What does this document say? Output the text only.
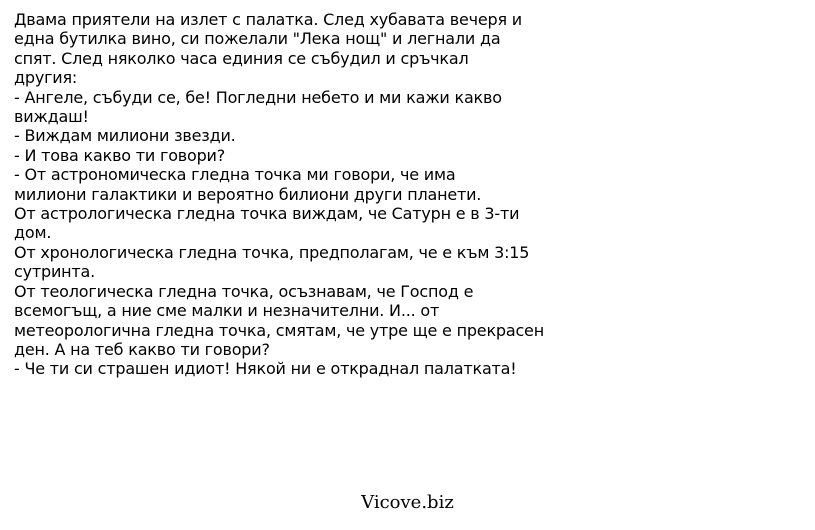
Двама приятели на излет с палатка. След хубавата вечеря и
една бутилка вино, си пожелали "Лека нощ" и легнали да
спят. След няколко часа единия се събудил и сръчкал
другия:
- Ангеле, събуди се, бе! Погледни небето и ми кажи какво
виждаш!
- Виждам милиони звезди.
- И това какво ти говори?
- От астрономическа гледна точка ми говори, че има
милиони галактики и вероятно билиони други планети.
От астрологическа гледна точка виждам, че Сатурн е в 3-ти
дом.
От хронологическа гледна точка, предполагам, че е към 3:15
сутринта.
От теологическа гледна точка, осъзнавам, че Господ е
всемогъщ, а ние сме малки и незначителни. И... от
метеорологична гледна точка, смятам, че утре ще е прекрасен
ден. А на теб какво ти говори?
- Че ти си страшен идиот! Някой ни е откраднал палатката!
Vicove.biz
